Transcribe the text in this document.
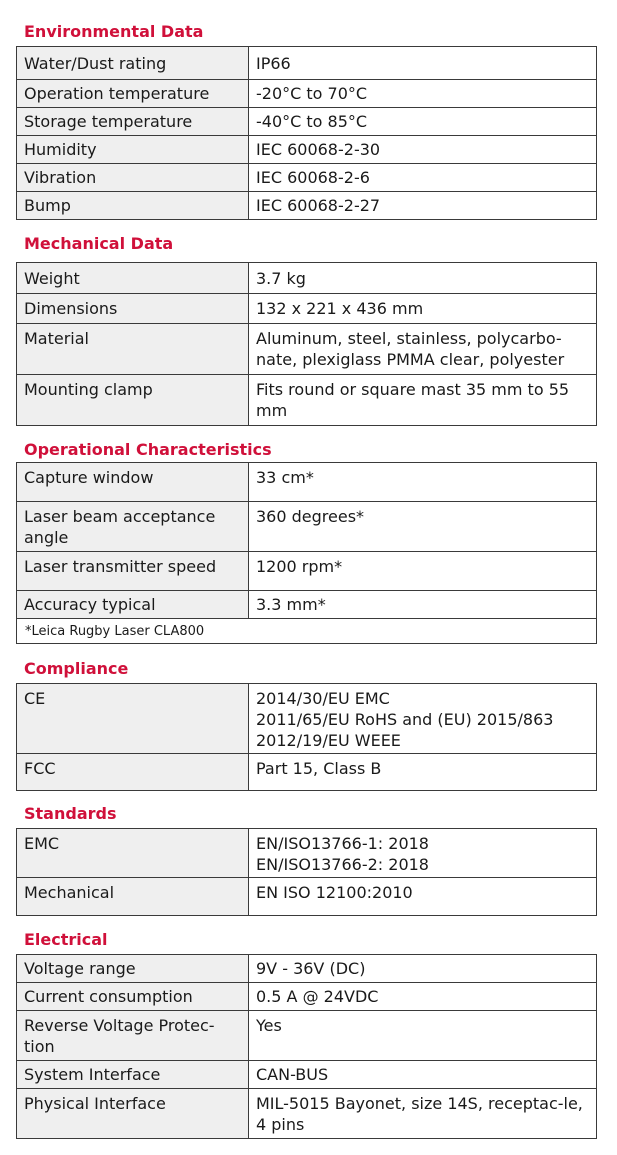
Environmental Data
Water/Dust rating	IP66
Operation temperature	-20°C to 70°C
Storage temperature	-40°C to 85°C
Humidity	IEC 60068-2-30
Vibration	IEC 60068-2-6
Bump	IEC 60068-2-27
Mechanical Data
Weight	3.7 kg
Dimensions	132 x 221 x 436 mm
Material	Aluminum, steel, stainless, polycarbo-nate, plexiglass PMMA clear, polyester
Mounting clamp	Fits round or square mast 35 mm to 55 mm
Operational Characteristics
Capture window	33 cm*
Laser beam acceptance angle	360 degrees*
Laser transmitter speed	1200 rpm*
Accuracy typical	3.3 mm*
*Leica Rugby Laser CLA800	
Compliance
CE	2014/30/EU EMC
2011/65/EU RoHS and (EU) 2015/863
2012/19/EU WEEE

FCC	Part 15, Class B
Standards
EMC	EN/ISO13766-1: 2018
EN/ISO13766-2: 2018

Mechanical	EN ISO 12100:2010
Electrical
Voltage range	9V - 36V (DC)
Current consumption	0.5 A @ 24VDC
Reverse Voltage Protec-tion	Yes
System Interface	CAN-BUS
Physical Interface	MIL-5015 Bayonet, size 14S, receptac-le, 4 pins
